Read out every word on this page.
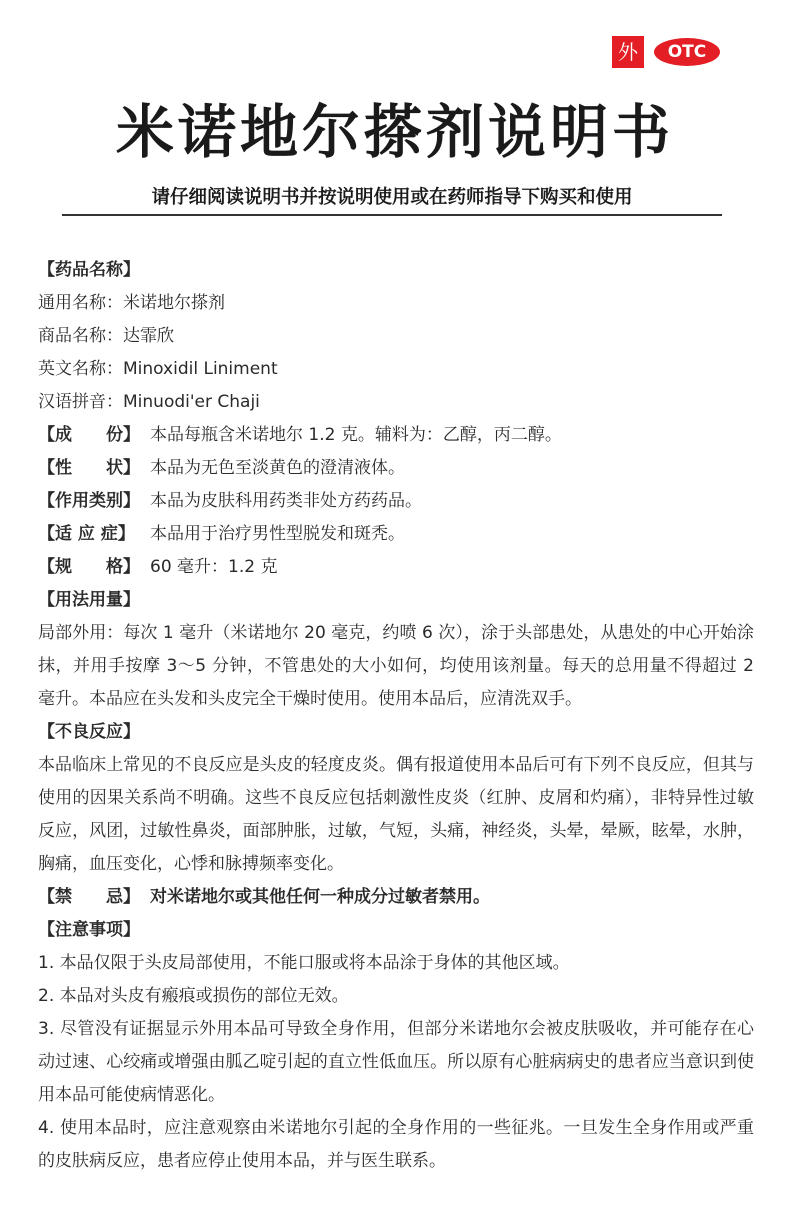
外	OTC
米诺地尔搽剂说明书
请仔细阅读说明书并按说明使用或在药师指导下购买和使用
【药品名称】
通用名称：米诺地尔搽剂
商品名称：达霏欣
英文名称：Minoxidil Liniment
汉语拼音：Minuodi'er Chaji
【成　　份】 本品每瓶含米诺地尔 1.2 克。辅料为：乙醇，丙二醇。
【性　　状】 本品为无色至淡黄色的澄清液体。
【作用类别】 本品为皮肤科用药类非处方药药品。
【适 应 症】 本品用于治疗男性型脱发和斑秃。
【规　　格】 60 毫升：1.2 克
【用法用量】
局部外用：每次 1 毫升（米诺地尔 20 毫克，约喷 6 次），涂于头部患处，从患处的中心开始涂抹，并用手按摩 3～5 分钟，不管患处的大小如何，均使用该剂量。每天的总用量不得超过 2 毫升。本品应在头发和头皮完全干燥时使用。使用本品后，应清洗双手。
【不良反应】
本品临床上常见的不良反应是头皮的轻度皮炎。偶有报道使用本品后可有下列不良反应，但其与使用的因果关系尚不明确。这些不良反应包括刺激性皮炎（红肿、皮屑和灼痛），非特异性过敏反应，风团，过敏性鼻炎，面部肿胀，过敏，气短，头痛，神经炎，头晕，晕厥，眩晕，水肿，胸痛，血压变化，心悸和脉搏频率变化。
【禁　　忌】 对米诺地尔或其他任何一种成分过敏者禁用。
【注意事项】
1. 本品仅限于头皮局部使用，不能口服或将本品涂于身体的其他区域。
2. 本品对头皮有瘢痕或损伤的部位无效。
3. 尽管没有证据显示外用本品可导致全身作用，但部分米诺地尔会被皮肤吸收，并可能存在心动过速、心绞痛或增强由胍乙啶引起的直立性低血压。所以原有心脏病病史的患者应当意识到使用本品可能使病情恶化。
4. 使用本品时，应注意观察由米诺地尔引起的全身作用的一些征兆。一旦发生全身作用或严重的皮肤病反应，患者应停止使用本品，并与医生联系。
